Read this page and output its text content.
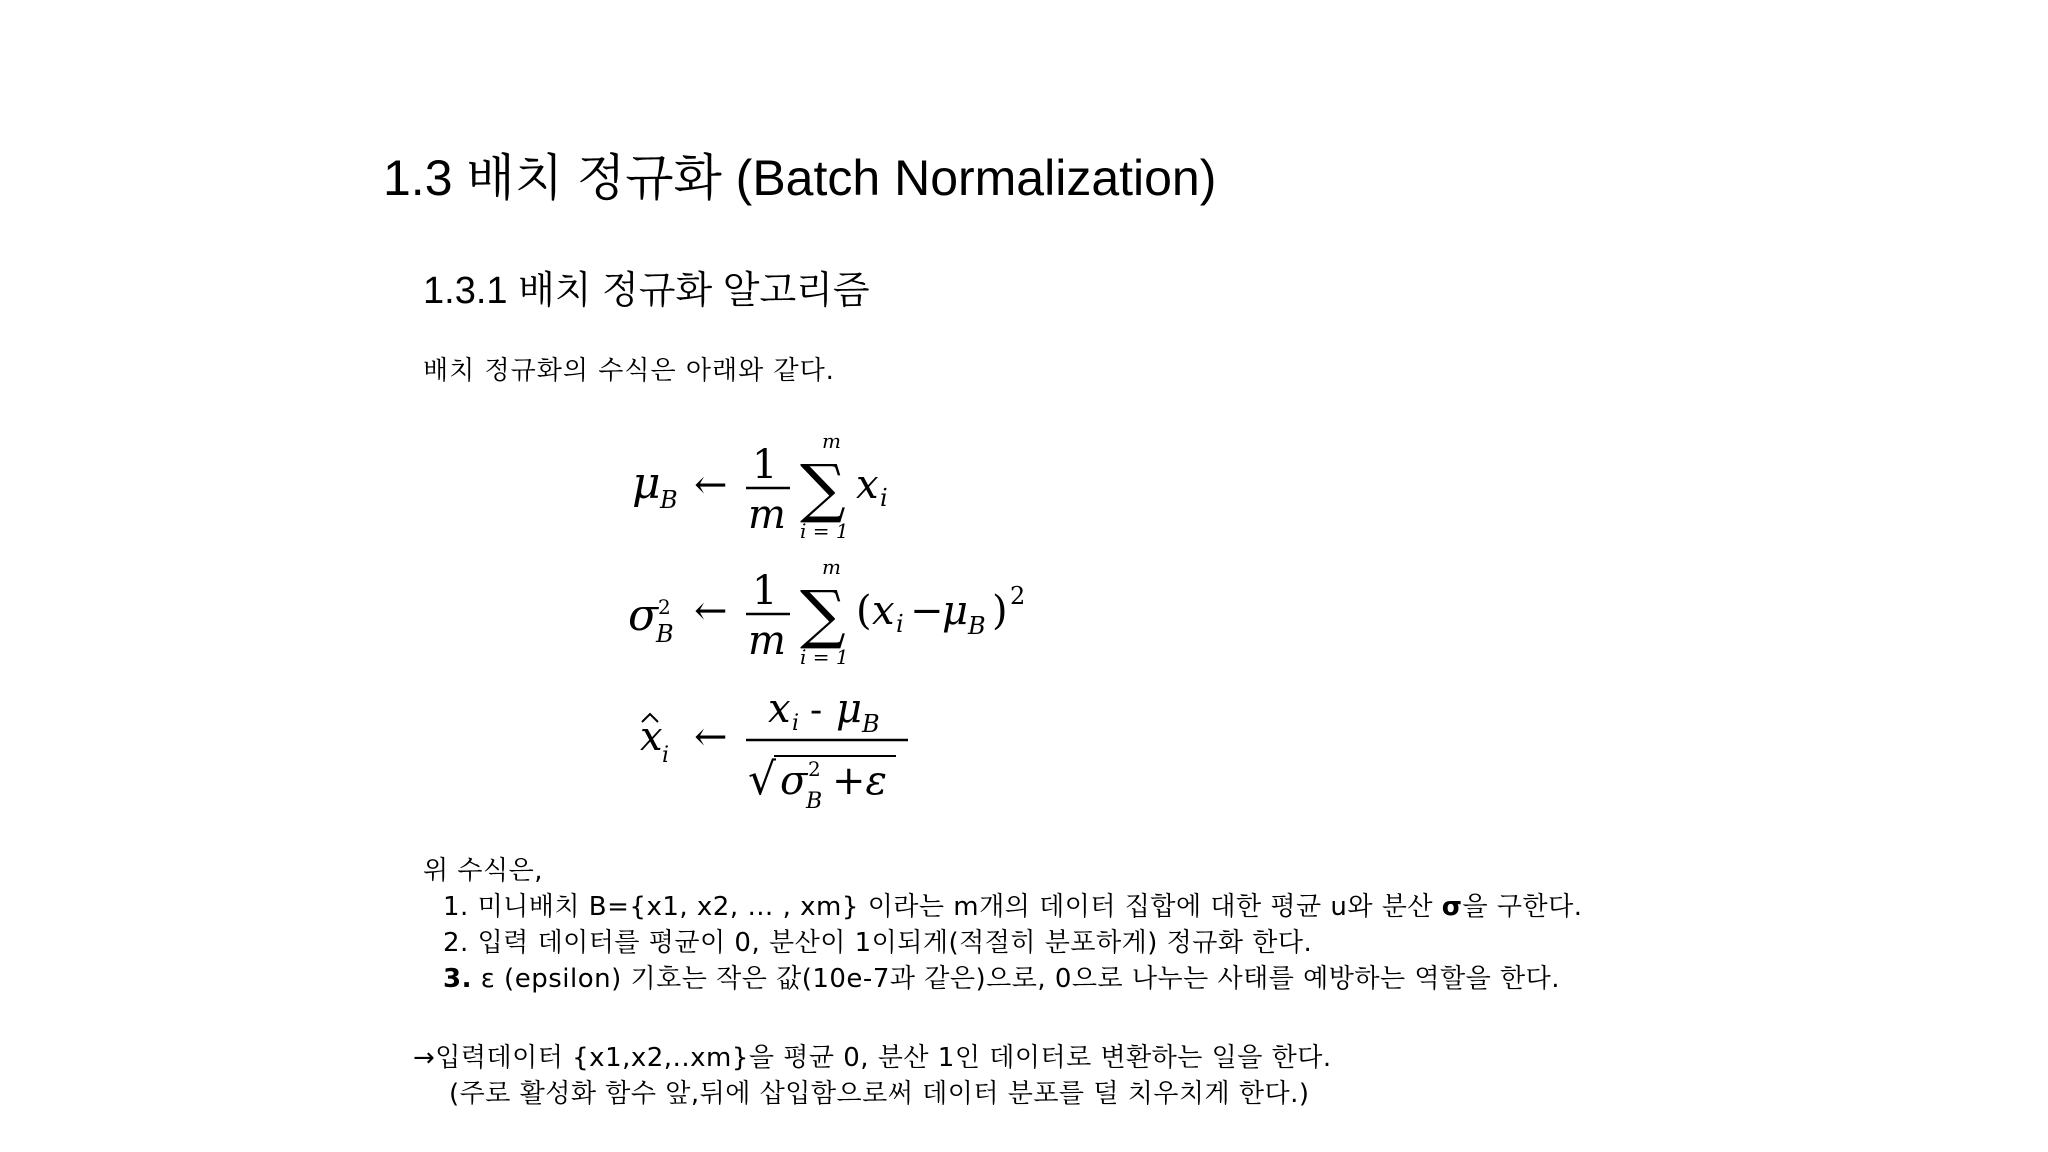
1.3 배치 정규화 (Batch Normalization)
1.3.1 배치 정규화 알고리즘
배치 정규화의 수식은 아래와 같다.
μ B ← 1
m
m
∑
i = 1
x i
σ 2
B ← 1
m
m
∑
i = 1
( x i −
μ B ) 2
x i ←
x i - μ B
√ σ 2
B +ε
위 수식은,
1. 미니배치 B={x1, x2, … , xm} 이라는 m개의 데이터 집합에 대한 평균 u와 분산 σ을 구한다.
2. 입력 데이터를 평균이 0, 분산이 1이되게(적절히 분포하게) 정규화 한다.
3. ε (epsilon) 기호는 작은 값(10e-7과 같은)으로, 0으로 나누는 사태를 예방하는 역할을 한다.
→입력데이터 {x1,x2,..xm}을 평균 0, 분산 1인 데이터로 변환하는 일을 한다.
(주로 활성화 함수 앞,뒤에 삽입함으로써 데이터 분포를 덜 치우치게 한다.)
